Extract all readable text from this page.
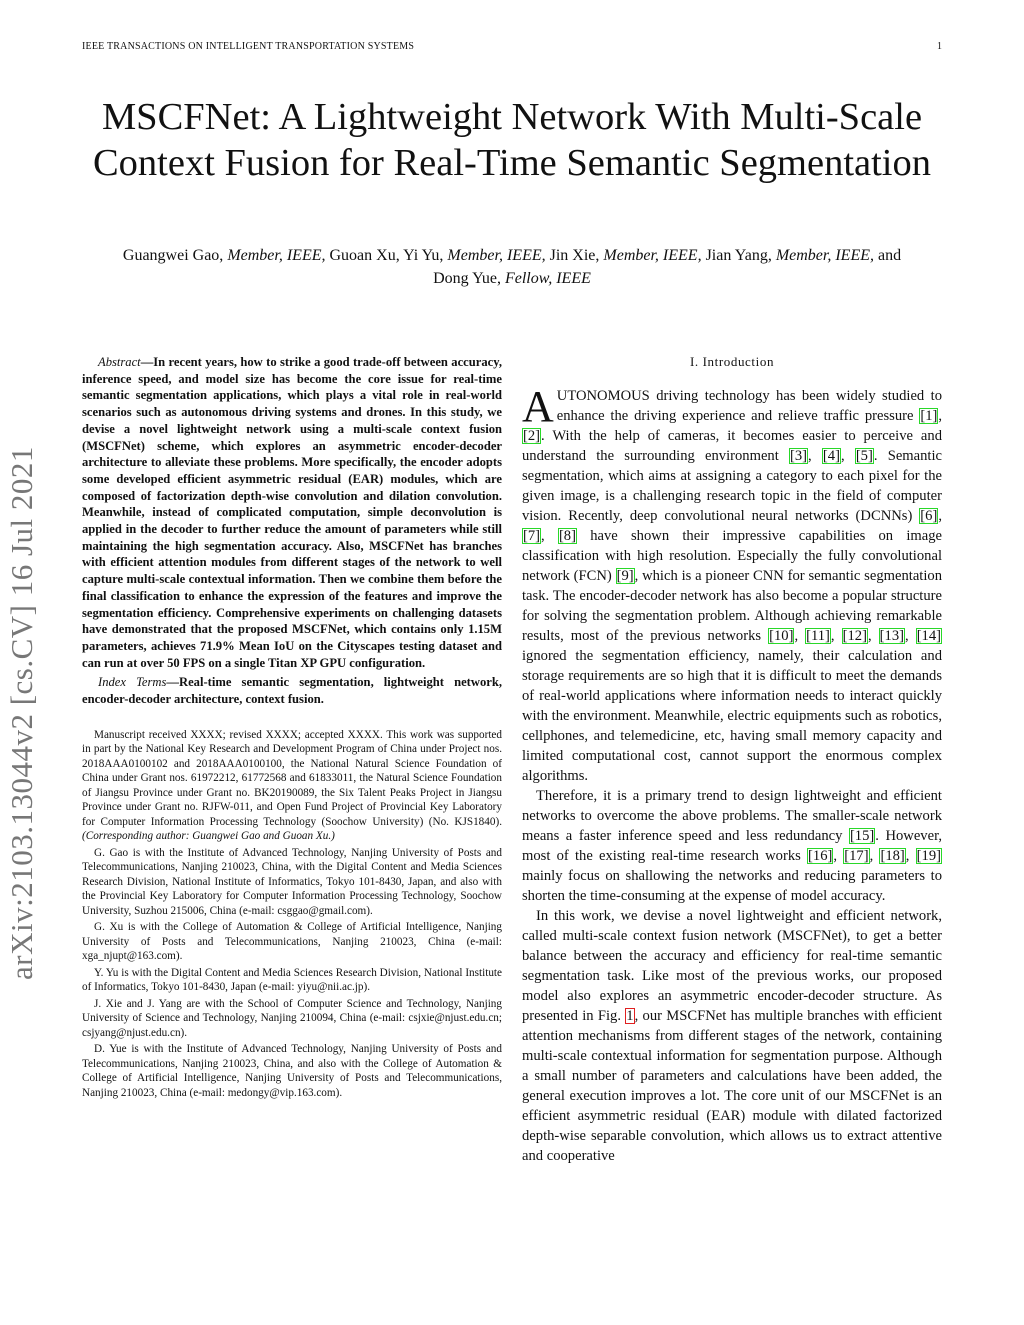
IEEE TRANSACTIONS ON INTELLIGENT TRANSPORTATION SYSTEMS	1
arXiv:2103.13044v2 [cs.CV] 16 Jul 2021
MSCFNet: A Lightweight Network With Multi-Scale Context Fusion for Real-Time Semantic Segmentation
Guangwei Gao, Member, IEEE, Guoan Xu, Yi Yu, Member, IEEE, Jin Xie, Member, IEEE, Jian Yang, Member, IEEE, and Dong Yue, Fellow, IEEE

Abstract—In recent years, how to strike a good trade-off between accuracy, inference speed, and model size has become the core issue for real-time semantic segmentation applications, which plays a vital role in real-world scenarios such as autonomous driving systems and drones. In this study, we devise a novel lightweight network using a multi-scale context fusion (MSCFNet) scheme, which explores an asymmetric encoder-decoder architecture to alleviate these problems. More specifically, the encoder adopts some developed efficient asymmetric residual (EAR) modules, which are composed of factorization depth-wise convolution and dilation convolution. Meanwhile, instead of complicated computation, simple deconvolution is applied in the decoder to further reduce the amount of parameters while still maintaining the high segmentation accuracy. Also, MSCFNet has branches with efficient attention modules from different stages of the network to well capture multi-scale contextual information. Then we combine them before the final classification to enhance the expression of the features and improve the segmentation efficiency. Comprehensive experiments on challenging datasets have demonstrated that the proposed MSCFNet, which contains only 1.15M parameters, achieves 71.9% Mean IoU on the Cityscapes testing dataset and can run at over 50 FPS on a single Titan XP GPU configuration.

Index Terms—Real-time semantic segmentation, lightweight network, encoder-decoder architecture, context fusion.

Manuscript received XXXX; revised XXXX; accepted XXXX. This work was supported in part by the National Key Research and Development Program of China under Project nos. 2018AAA0100102 and 2018AAA0100100, the National Natural Science Foundation of China under Grant nos. 61972212, 61772568 and 61833011, the Natural Science Foundation of Jiangsu Province under Grant no. BK20190089, the Six Talent Peaks Project in Jiangsu Province under Grant no. RJFW-011, and Open Fund Project of Provincial Key Laboratory for Computer Information Processing Technology (Soochow University) (No. KJS1840). (Corresponding author: Guangwei Gao and Guoan Xu.)

G. Gao is with the Institute of Advanced Technology, Nanjing University of Posts and Telecommunications, Nanjing 210023, China, with the Digital Content and Media Sciences Research Division, National Institute of Informatics, Tokyo 101-8430, Japan, and also with the Provincial Key Laboratory for Computer Information Processing Technology, Soochow University, Suzhou 215006, China (e-mail: csggao@gmail.com).

G. Xu is with the College of Automation & College of Artificial Intelligence, Nanjing University of Posts and Telecommunications, Nanjing 210023, China (e-mail: xga_njupt@163.com).

Y. Yu is with the Digital Content and Media Sciences Research Division, National Institute of Informatics, Tokyo 101-8430, Japan (e-mail: yiyu@nii.ac.jp).

J. Xie and J. Yang are with the School of Computer Science and Technology, Nanjing University of Science and Technology, Nanjing 210094, China (e-mail: csjxie@njust.edu.cn; csjyang@njust.edu.cn).

D. Yue is with the Institute of Advanced Technology, Nanjing University of Posts and Telecommunications, Nanjing 210023, China, and also with the College of Automation & College of Artificial Intelligence, Nanjing University of Posts and Telecommunications, Nanjing 210023, China (e-mail: medongy@vip.163.com).

I. Introduction

AUTONOMOUS driving technology has been widely studied to enhance the driving experience and relieve traffic pressure [1], [2]. With the help of cameras, it becomes easier to perceive and understand the surrounding environment [3], [4], [5]. Semantic segmentation, which aims at assigning a category to each pixel for the given image, is a challenging research topic in the field of computer vision. Recently, deep convolutional neural networks (DCNNs) [6], [7], [8] have shown their impressive capabilities on image classification with high resolution. Especially the fully convolutional network (FCN) [9], which is a pioneer CNN for semantic segmentation task. The encoder-decoder network has also become a popular structure for solving the segmentation problem. Although achieving remarkable results, most of the previous networks [10], [11], [12], [13], [14] ignored the segmentation efficiency, namely, their calculation and storage requirements are so high that it is difficult to meet the demands of real-world applications where information needs to interact quickly with the environment. Meanwhile, electric equipments such as robotics, cellphones, and telemedicine, etc, having small memory capacity and limited computational cost, cannot support the enormous complex algorithms.

Therefore, it is a primary trend to design lightweight and efficient networks to overcome the above problems. The smaller-scale network means a faster inference speed and less redundancy [15]. However, most of the existing real-time research works [16], [17], [18], [19] mainly focus on shallowing the networks and reducing parameters to shorten the time-consuming at the expense of model accuracy.

In this work, we devise a novel lightweight and efficient network, called multi-scale context fusion network (MSCFNet), to get a better balance between the accuracy and efficiency for real-time semantic segmentation task. Like most of the previous works, our proposed model also explores an asymmetric encoder-decoder structure. As presented in Fig. 1, our MSCFNet has multiple branches with efficient attention mechanisms from different stages of the network, containing multi-scale contextual information for segmentation purpose. Although a small number of parameters and calculations have been added, the general execution improves a lot. The core unit of our MSCFNet is an efficient asymmetric residual (EAR) module with dilated factorized depth-wise separable convolution, which allows us to extract attentive and cooperative
